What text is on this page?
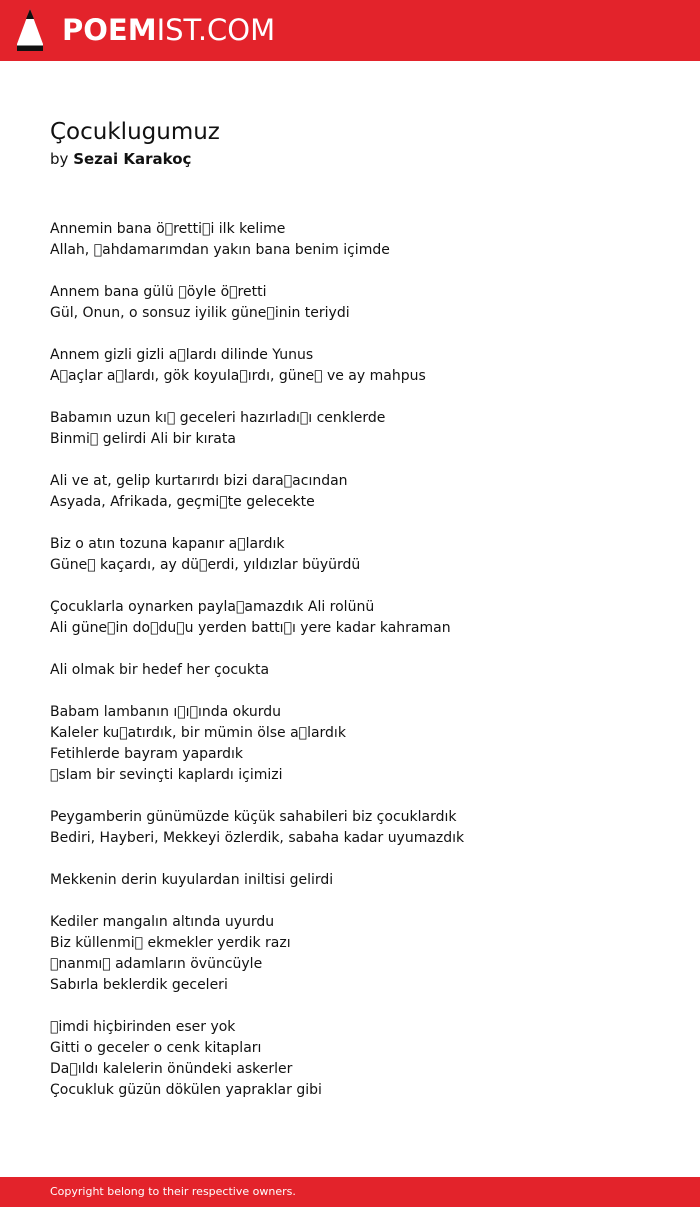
POEMIST.COM
Çocuklugumuz
by Sezai Karakoç
Annemin bana ö retti i ilk kelime
Allah,  ahdamarımdan yakın bana benim içimde
Annem bana gülü  öyle ö retti
Gül, Onun, o sonsuz iyilik güne inin teriydi
Annem gizli gizli a lardı dilinde Yunus
A açlar a lardı, gök koyula ırdı, güne  ve ay mahpus
Babamın uzun kı  geceleri hazırladı ı cenklerde
Binmi  gelirdi Ali bir kırata
Ali ve at, gelip kurtarırdı bizi dara acından
Asyada, Afrikada, geçmi te gelecekte
Biz o atın tozuna kapanır a lardık
Güne  kaçardı, ay dü erdi, yıldızlar büyürdü
Çocuklarla oynarken payla amazdık Ali rolünü
Ali güne in do du u yerden battı ı yere kadar kahraman
Ali olmak bir hedef her çocukta
Babam lambanın ı ı ında okurdu
Kaleler ku atırdık, bir mümin ölse a lardık
Fetihlerde bayram yapardık
 slam bir sevinçti kaplardı içimizi
Peygamberin günümüzde küçük sahabileri biz çocuklardık
Bediri, Hayberi, Mekkeyi özlerdik, sabaha kadar uyumazdık
Mekkenin derin kuyulardan iniltisi gelirdi
Kediler mangalın altında uyurdu
Biz küllenmi  ekmekler yerdik razı
 nanmı  adamların övüncüyle
Sabırla beklerdik geceleri
 imdi hiçbirinden eser yok
Gitti o geceler o cenk kitapları
Da ıldı kalelerin önündeki askerler
Çocukluk güzün dökülen yapraklar gibi
Copyright belong to their respective owners.
